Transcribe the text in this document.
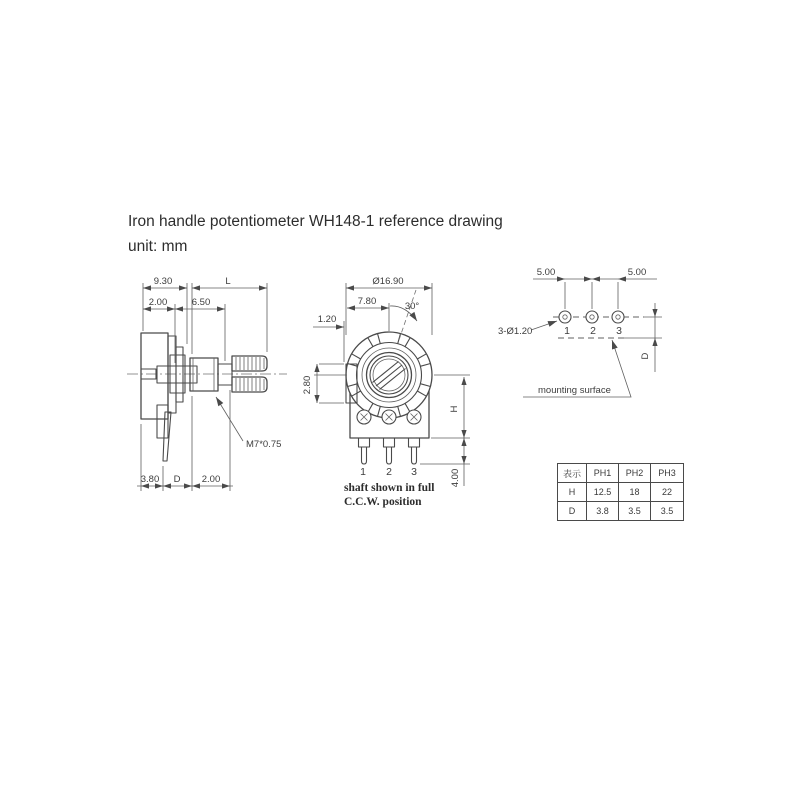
Iron handle potentiometer WH148-1 reference drawing
unit: mm
9.30	L
2.00	6.50
3.80 D 2.00
M7*0.75
1 2 3
Ø16.90
7.80	30°
1.20
2.80
H
4.00
shaft shown in full
C.C.W. position
5.00	5.00
1 2 3
3-Ø1.20
D
mounting surface
表示	PH1	PH2	PH3
H	12.5	18	22
D	3.8	3.5	3.5
